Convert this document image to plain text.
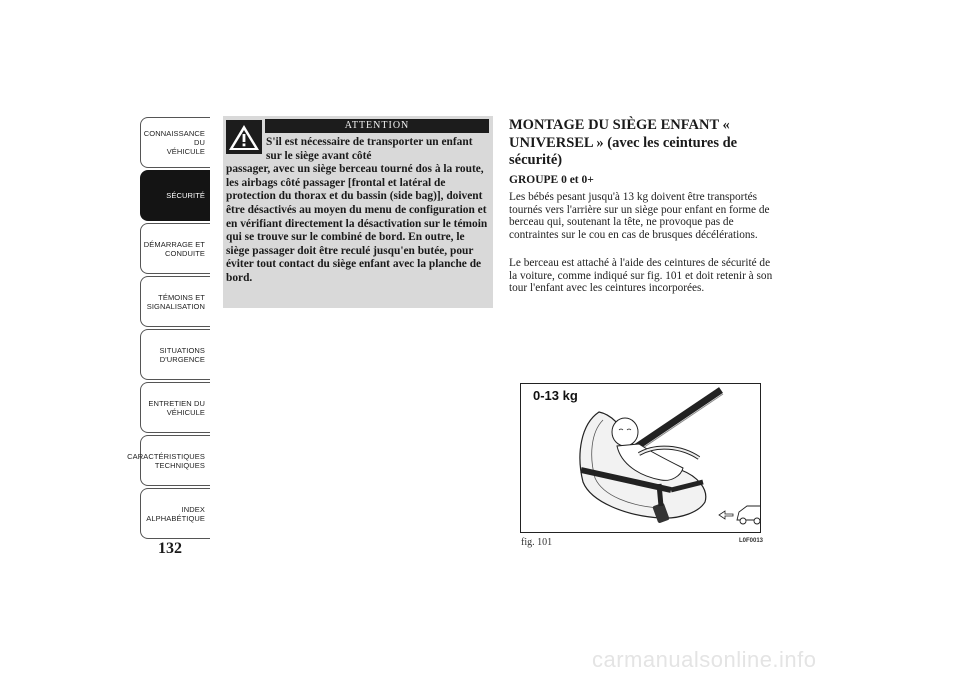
CONNAISSANCE DU
VÉHICULE
SÉCURITÉ
DÉMARRAGE ET
CONDUITE
TÉMOINS ET
SIGNALISATION
SITUATIONS
D'URGENCE
ENTRETIEN DU
VÉHICULE
CARACTÉRISTIQUES
TECHNIQUES
INDEX
ALPHABÉTIQUE
132
ATTENTION
S'il est nécessaire de transporter un enfant sur le siège avant côté
passager, avec un siège berceau tourné dos à la route, les airbags côté passager [frontal et latéral de protection du thorax et du bassin (side bag)], doivent être désactivés au moyen du menu de configuration et en vérifiant directement la désactivation sur le témoin qui se trouve sur le combiné de bord. En outre, le siège passager doit être reculé jusqu'en butée, pour éviter tout contact du siège enfant avec la planche de bord.
MONTAGE DU SIÈGE ENFANT « UNIVERSEL » (avec les ceintures de sécurité)
GROUPE 0 et 0+

Les bébés pesant jusqu'à 13 kg doivent être transportés tournés vers l'arrière sur un siège pour enfant en forme de berceau qui, soutenant la tête, ne provoque pas de contraintes sur le cou en cas de brusques décélérations.

Le berceau est attaché à l'aide des ceintures de sécurité de la voiture, comme indiqué sur fig. 101 et doit retenir à son tour l'enfant avec les ceintures incorporées.

0-13 kg
fig. 101	L0F0013
carmanualsonline.info
